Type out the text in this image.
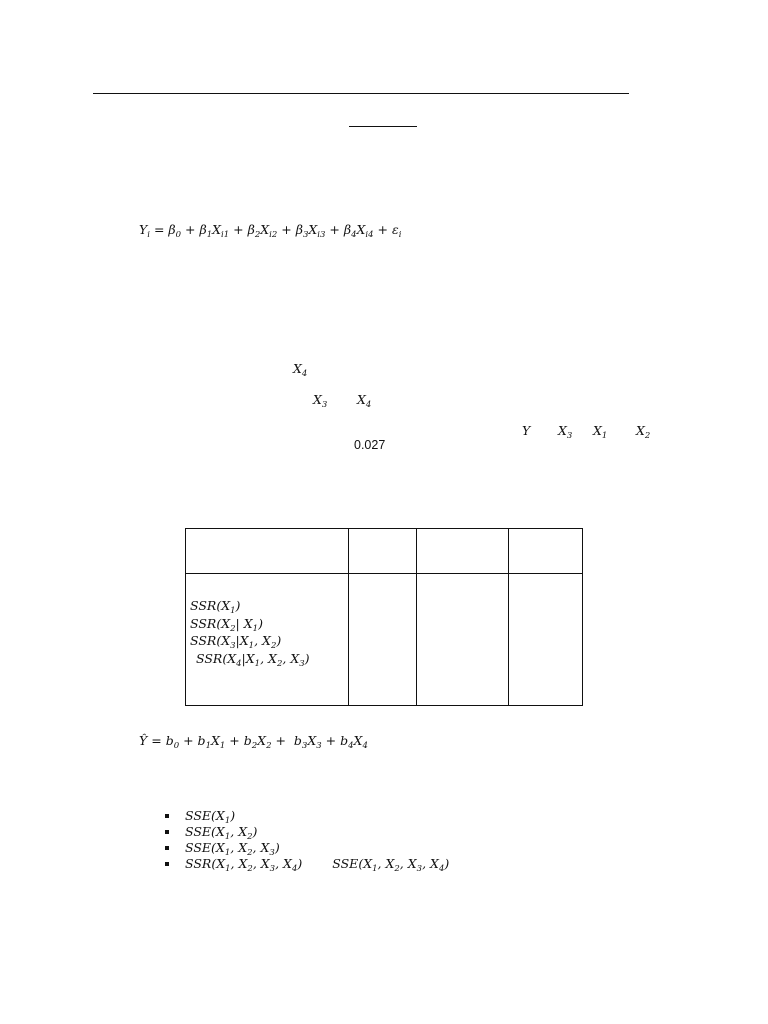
$Y_i = \beta_0 + \beta_1X_{i1} + \beta_2X_{i2} + \beta_3X_{i3} + \beta_4X_{i4} + \varepsilon_i$
$X_4$
$X_3$ $X_4$
Y $X_3$ $X_1$ $X_2$
0.027
$SSR(X_1)$
$SSR(X_2|$ $X_1$)
$SSR(X_3|X_1$, $X_2$)
$SSR(X_4|X_1$, $X_2$, $X_3$)
Ŷ = $b_0 + b_1X_1 + b_2X_2 + b_3X_3 + b_4X_4$
$SSE(X_1)$
$SSE(X_1$, $X_2$)
$SSE(X_1$, $X_2$, $X_3$)
$SSR(X_1$, $X_2$, $X_3$, $X_4$) $SSE(X_1$, $X_2$, $X_3$, $X_4$)
